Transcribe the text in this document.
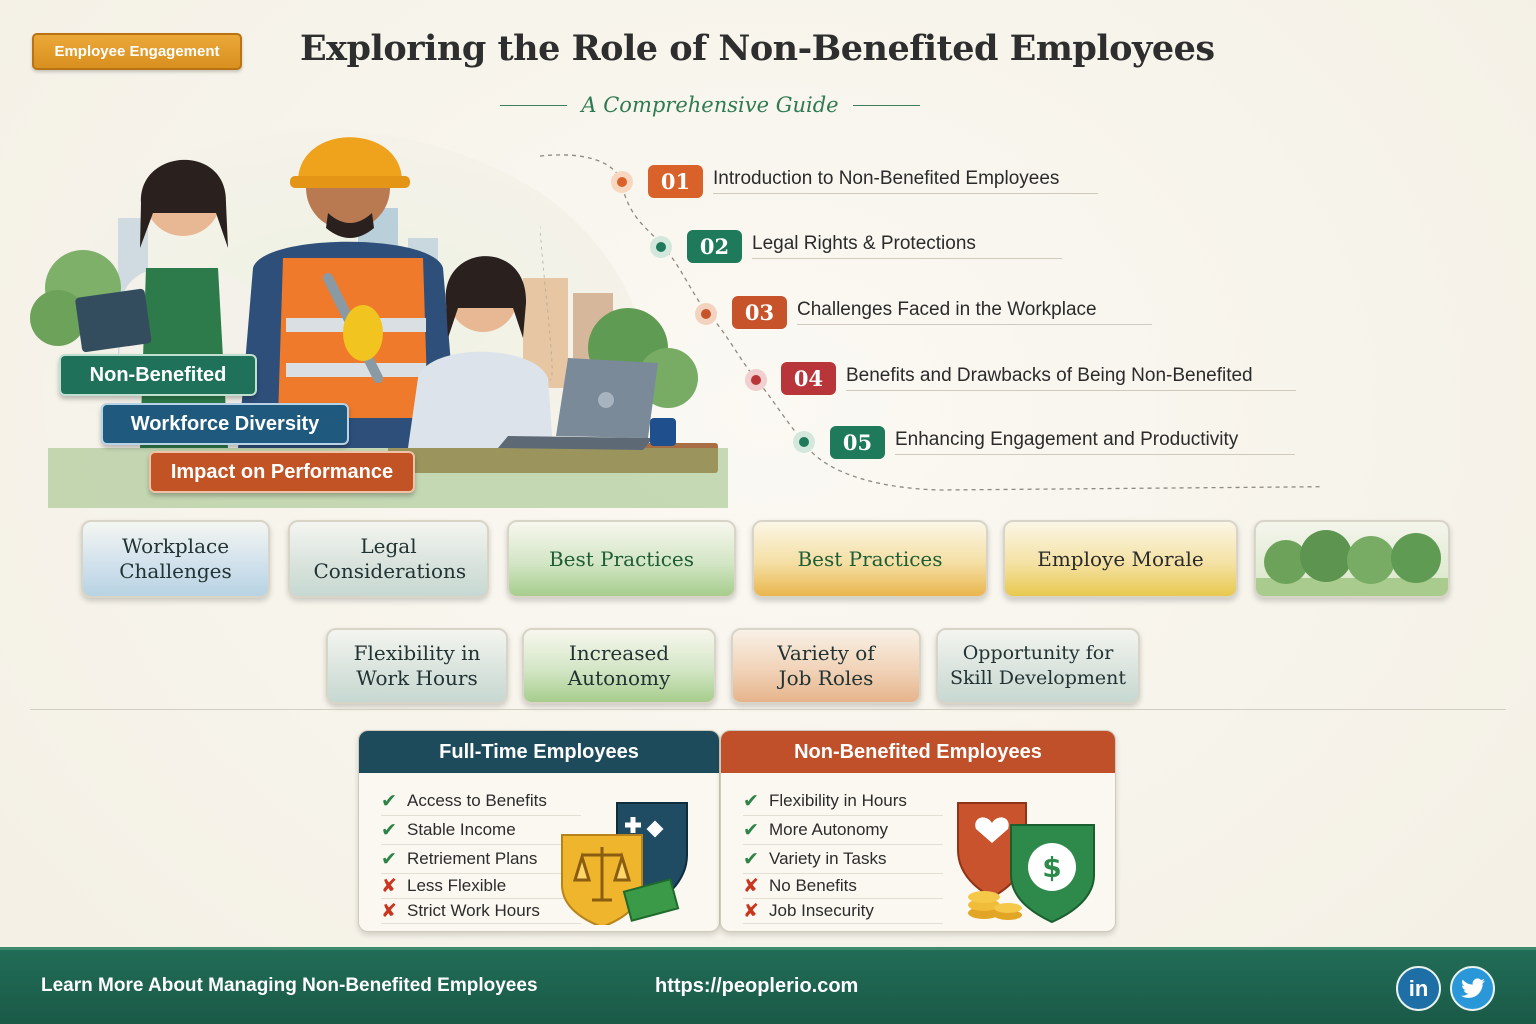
Employee Engagement	Exploring the Role of Non-Benefited Employees
A Comprehensive Guide
Non-Benefited
Workforce Diversity
Impact on Performance
01	Introduction to Non-Benefited Employees
02	Legal Rights & Protections
03	Challenges Faced in the Workplace
04	Benefits and Drawbacks of Being Non-Benefited
05	Enhancing Engagement and Productivity
Workplace Challenges
Legal Considerations
Best Practices	Best Practices	Employe Morale
Flexibility in Work Hours
Increased Autonomy
Variety of Job Roles
Opportunity for Skill Development
Full-Time Employees
✔ Access to Benefits
✔ Stable Income
✔ Retriement Plans
✘ Less Flexible
✘ Strict Work Hours
Non-Benefited Employees
✔ Flexibility in Hours
✔ More Autonomy
✔ Variety in Tasks
✘ No Benefits
✘ Job Insecurity
$
Learn More About Managing Non-Benefited Employees	https://peoplerio.com	in
